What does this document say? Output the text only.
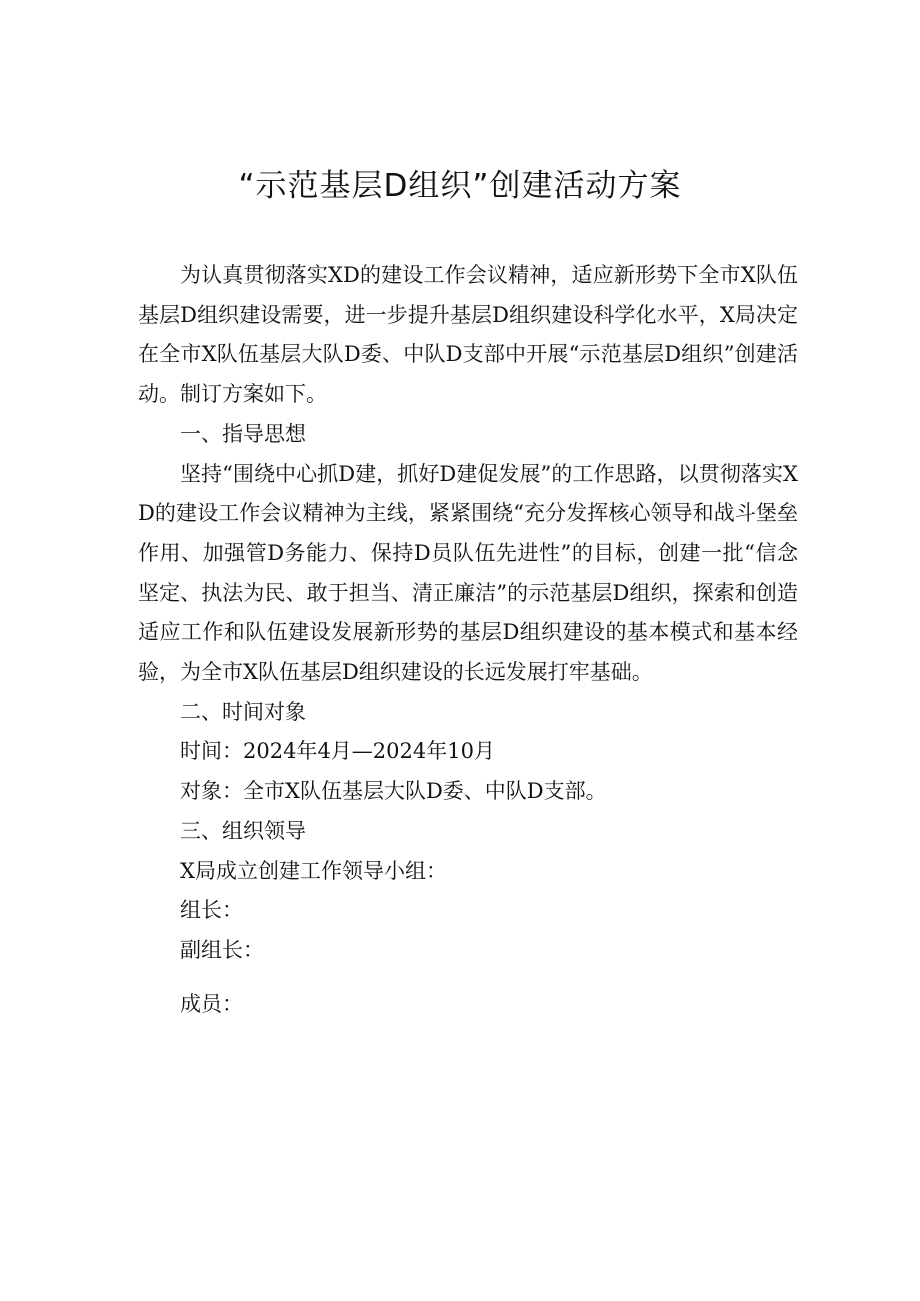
“示范基层D组织”创建活动方案

为认真贯彻落实XD的建设工作会议精神，适应新形势下全市X队伍基层D组织建设需要，进一步提升基层D组织建设科学化水平，X局决定在全市X队伍基层大队D委、中队D支部中开展“示范基层D组织”创建活动。制订方案如下。

一、指导思想

坚持“围绕中心抓D建，抓好D建促发展”的工作思路，以贯彻落实XD的建设工作会议精神为主线，紧紧围绕“充分发挥核心领导和战斗堡垒作用、加强管D务能力、保持D员队伍先进性”的目标，创建一批“信念坚定、执法为民、敢于担当、清正廉洁”的示范基层D组织，探索和创造适应工作和队伍建设发展新形势的基层D组织建设的基本模式和基本经验，为全市X队伍基层D组织建设的长远发展打牢基础。

二、时间对象

时间：2024年4月—2024年10月

对象：全市X队伍基层大队D委、中队D支部。

三、组织领导

X局成立创建工作领导小组：

组长：

副组长：

成员：
